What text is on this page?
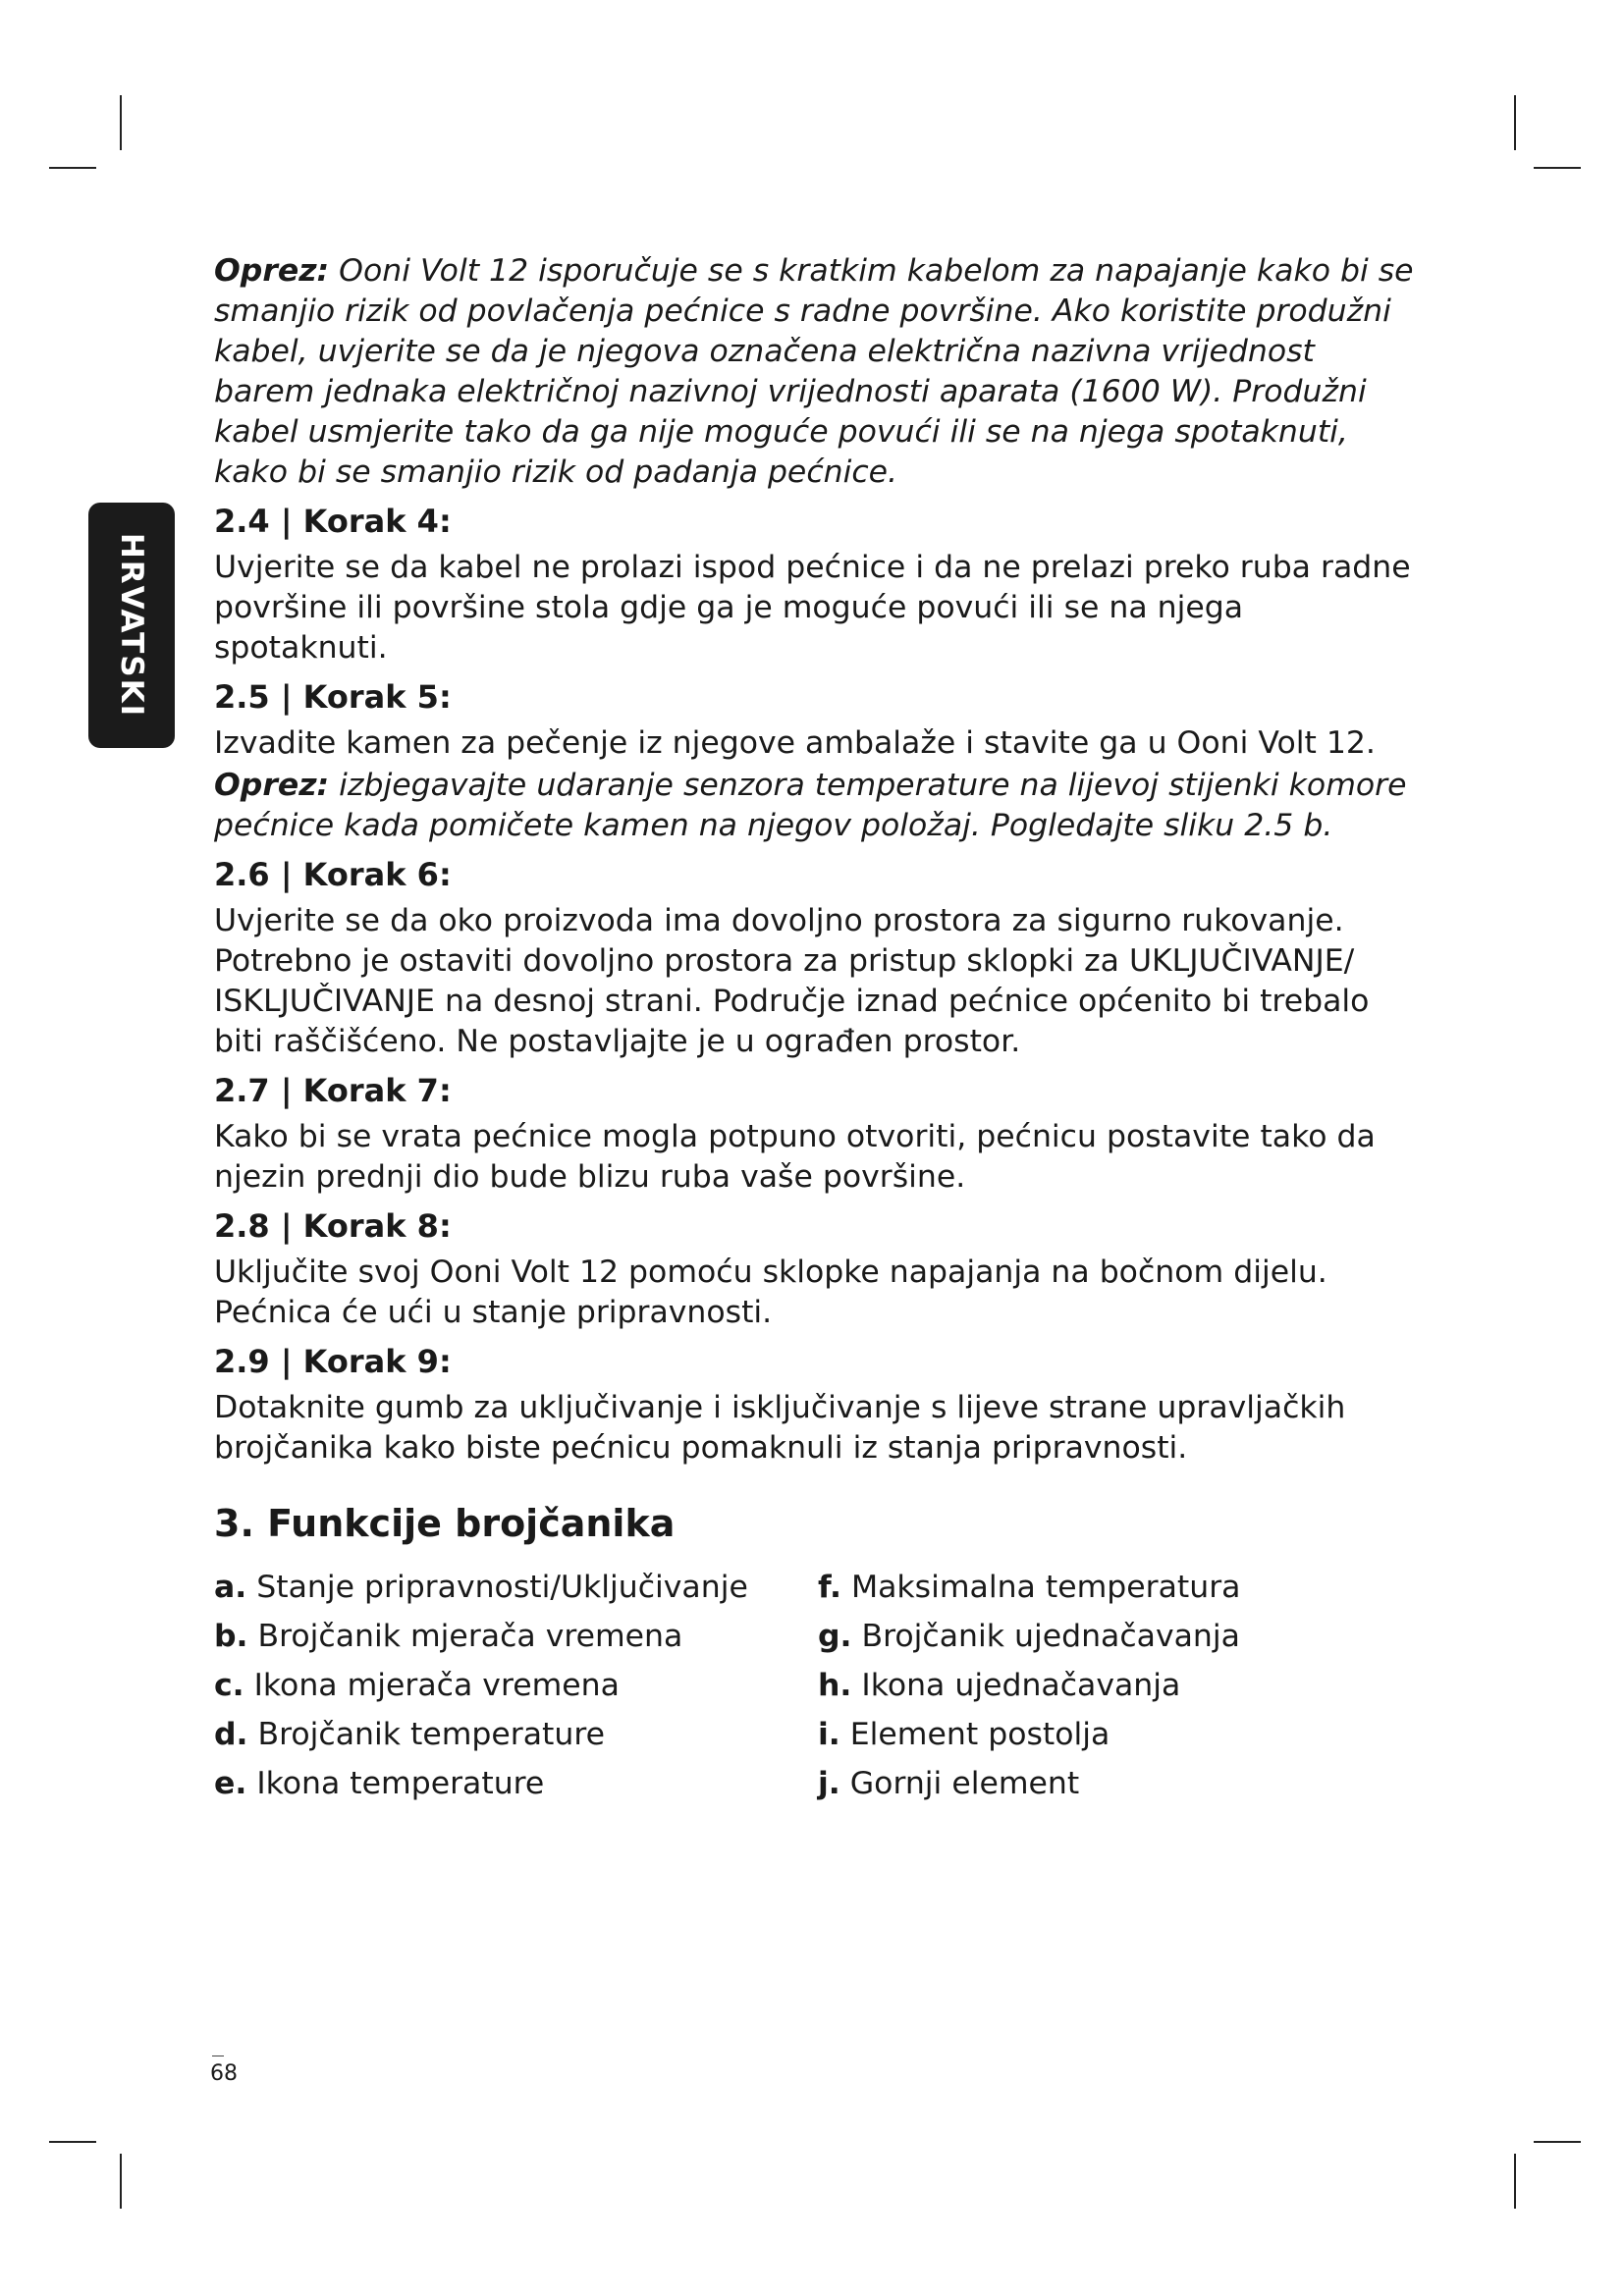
HRVATSKI

Oprez: Ooni Volt 12 isporučuje se s kratkim kabelom za napajanje kako bi se smanjio rizik od povlačenja pećnice s radne površine. Ako koristite produžni kabel, uvjerite se da je njegova označena električna nazivna vrijednost barem jednaka električnoj nazivnoj vrijednosti aparata (1600 W). Produžni kabel usmjerite tako da ga nije moguće povući ili se na njega spotaknuti, kako bi se smanjio rizik od padanja pećnice.

2.4 | Korak 4:

Uvjerite se da kabel ne prolazi ispod pećnice i da ne prelazi preko ruba radne površine ili površine stola gdje ga je moguće povući ili se na njega spotaknuti.

2.5 | Korak 5:

Izvadite kamen za pečenje iz njegove ambalaže i stavite ga u Ooni Volt 12.

Oprez: izbjegavajte udaranje senzora temperature na lijevoj stijenki komore pećnice kada pomičete kamen na njegov položaj. Pogledajte sliku 2.5 b.

2.6 | Korak 6:

Uvjerite se da oko proizvoda ima dovoljno prostora za sigurno rukovanje. Potrebno je ostaviti dovoljno prostora za pristup sklopki za UKLJUČIVANJE/ ISKLJUČIVANJE na desnoj strani. Područje iznad pećnice općenito bi trebalo biti raščišćeno. Ne postavljajte je u ograđen prostor.

2.7 | Korak 7:

Kako bi se vrata pećnice mogla potpuno otvoriti, pećnicu postavite tako da njezin prednji dio bude blizu ruba vaše površine.

2.8 | Korak 8:

Uključite svoj Ooni Volt 12 pomoću sklopke napajanja na bočnom dijelu. Pećnica će ući u stanje pripravnosti.

2.9 | Korak 9:

Dotaknite gumb za uključivanje i isključivanje s lijeve strane upravljačkih brojčanika kako biste pećnicu pomaknuli iz stanja pripravnosti.

3. Funkcije brojčanika
a. Stanje pripravnosti/Uključivanje
b. Brojčanik mjerača vremena
c. Ikona mjerača vremena
d. Brojčanik temperature
e. Ikona temperature
f. Maksimalna temperatura
g. Brojčanik ujednačavanja
h. Ikona ujednačavanja
i. Element postolja
j. Gornji element
68
